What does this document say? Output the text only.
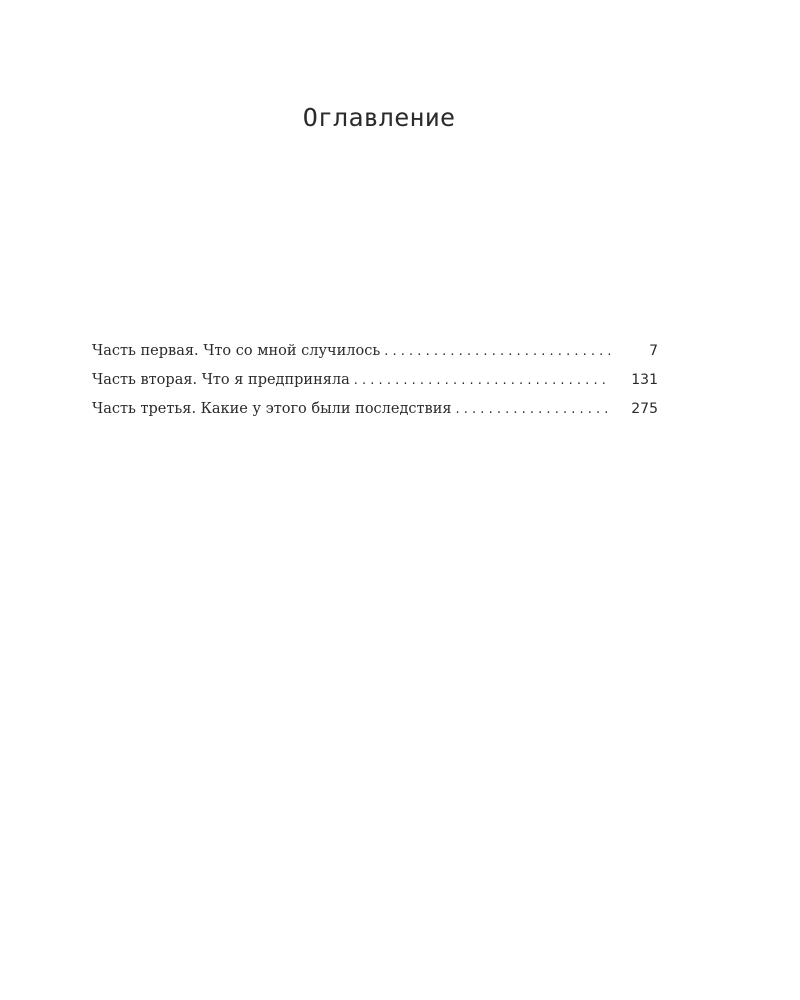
Оглавление
Часть первая. Что со мной случилось . . .	7
Часть вторая. Что я предприняла . . .	131
Часть третья. Какие у этого были последствия . . .	275
